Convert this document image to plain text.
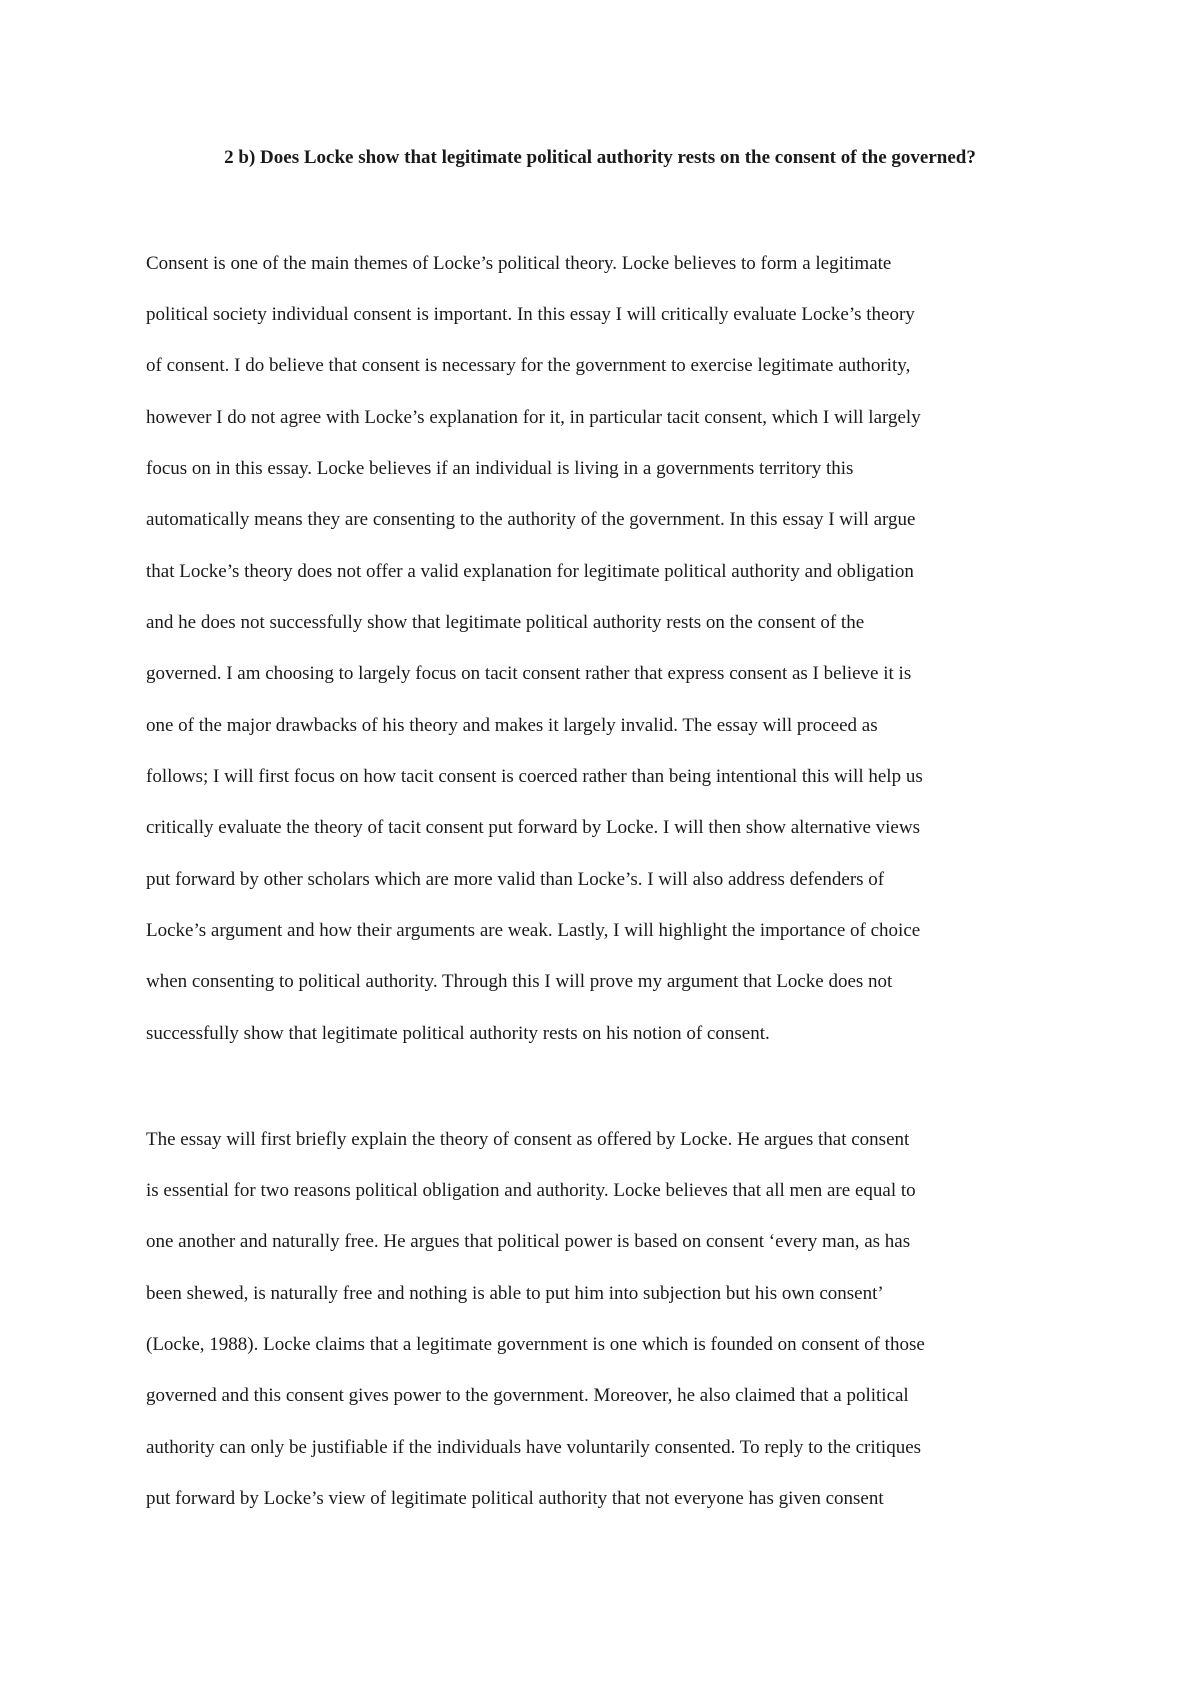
2 b) Does Locke show that legitimate political authority rests on the consent of the governed?

Consent is one of the main themes of Locke’s political theory. Locke believes to form a legitimate

political society individual consent is important. In this essay I will critically evaluate Locke’s theory

of consent. I do believe that consent is necessary for the government to exercise legitimate authority,

however I do not agree with Locke’s explanation for it, in particular tacit consent, which I will largely

focus on in this essay. Locke believes if an individual is living in a governments territory this

automatically means they are consenting to the authority of the government. In this essay I will argue

that Locke’s theory does not offer a valid explanation for legitimate political authority and obligation

and he does not successfully show that legitimate political authority rests on the consent of the

governed. I am choosing to largely focus on tacit consent rather that express consent as I believe it is

one of the major drawbacks of his theory and makes it largely invalid. The essay will proceed as

follows; I will first focus on how tacit consent is coerced rather than being intentional this will help us

critically evaluate the theory of tacit consent put forward by Locke. I will then show alternative views

put forward by other scholars which are more valid than Locke’s. I will also address defenders of

Locke’s argument and how their arguments are weak. Lastly, I will highlight the importance of choice

when consenting to political authority. Through this I will prove my argument that Locke does not

successfully show that legitimate political authority rests on his notion of consent.

The essay will first briefly explain the theory of consent as offered by Locke. He argues that consent

is essential for two reasons political obligation and authority. Locke believes that all men are equal to

one another and naturally free. He argues that political power is based on consent ‘every man, as has

been shewed, is naturally free and nothing is able to put him into subjection but his own consent’

(Locke, 1988). Locke claims that a legitimate government is one which is founded on consent of those

governed and this consent gives power to the government. Moreover, he also claimed that a political

authority can only be justifiable if the individuals have voluntarily consented. To reply to the critiques

put forward by Locke’s view of legitimate political authority that not everyone has given consent
